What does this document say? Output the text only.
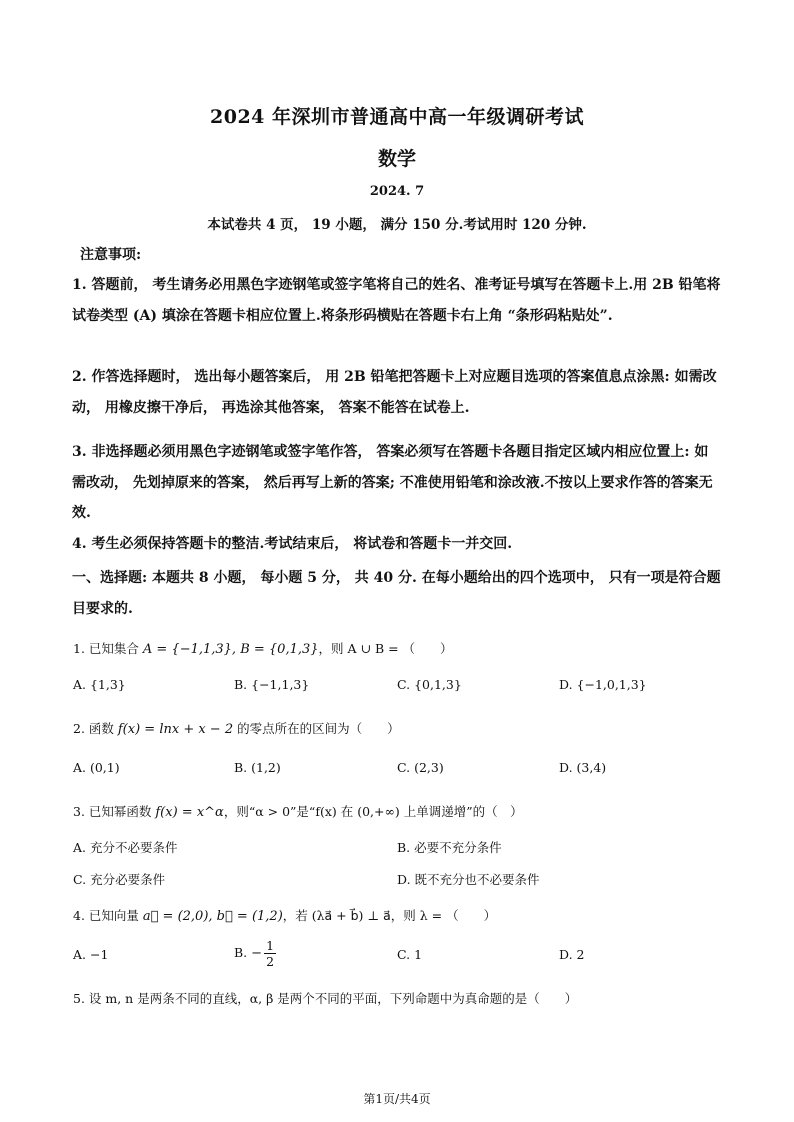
2024 年深圳市普通高中高一年级调研考试
数学
2024. 7
本试卷共 4 页， 19 小题， 满分 150 分.考试用时 120 分钟.
注意事项:
1. 答题前， 考生请务必用黑色字迹钢笔或签字笔将自己的姓名、准考证号填写在答题卡上.用 2B 铅笔将试卷类型 (A) 填涂在答题卡相应位置上.将条形码横贴在答题卡右上角 “条形码粘贴处”.
2. 作答选择题时， 选出每小题答案后， 用 2B 铅笔把答题卡上对应题目选项的答案值息点涂黑: 如需改动， 用橡皮擦干净后， 再选涂其他答案， 答案不能答在试卷上.
3. 非选择题必须用黑色字迹钢笔或签字笔作答， 答案必须写在答题卡各题目指定区域内相应位置上: 如需改动， 先划掉原来的答案， 然后再写上新的答案; 不准使用铅笔和涂改液.不按以上要求作答的答案无效.
4. 考生必须保持答题卡的整洁.考试结束后， 将试卷和答题卡一并交回.
一、选择题: 本题共 8 小题， 每小题 5 分， 共 40 分. 在每小题给出的四个选项中， 只有一项是符合题目要求的.
1. 已知集合 A = {−1,1,3}, B = {0,1,3}，则 A ∪ B = （　　）
A. {1,3}	B. {−1,1,3}	C. {0,1,3}	D. {−1,0,1,3}
2. 函数 f(x) = lnx + x − 2 的零点所在的区间为（　　）
A. (0,1)	B. (1,2)	C. (2,3)	D. (3,4)
3. 已知幂函数 f(x) = x^α，则“α > 0”是“f(x) 在 (0,+∞) 上单调递增”的（　）
A. 充分不必要条件	B. 必要不充分条件
C. 充分必要条件	D. 既不充分也不必要条件
4. 已知向量 a⃗ = (2,0), b⃗ = (1,2)，若 (λa⃗ + b⃗) ⊥ a⃗，则 λ = （　　）
A. −1	B. − $\frac{1}{2}$	C. 1	D. 2
5. 设 m, n 是两条不同的直线，α, β 是两个不同的平面，下列命题中为真命题的是（　　）
第1页/共4页
